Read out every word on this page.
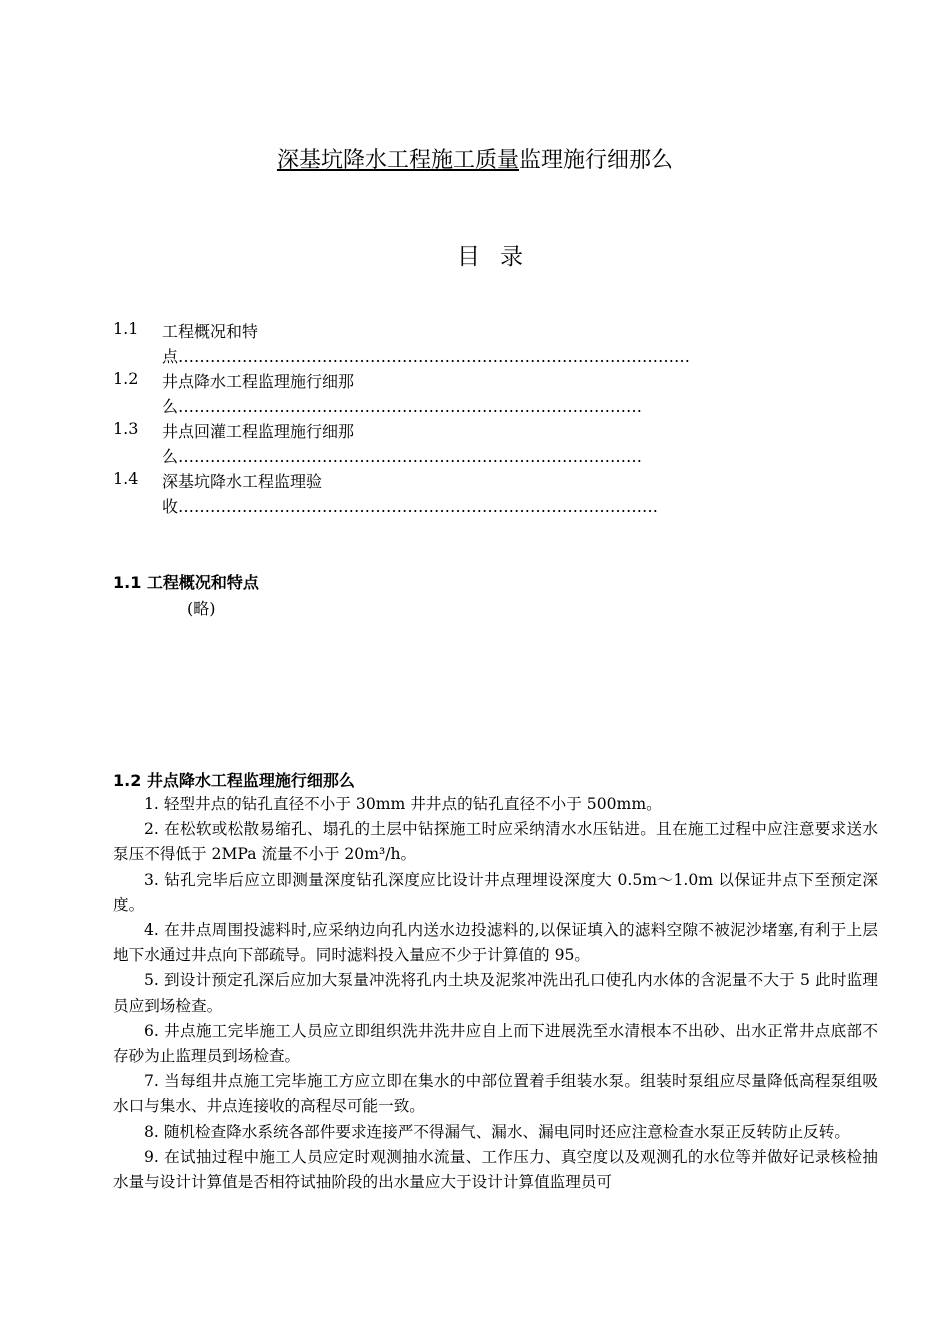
深基坑降水工程施工质量监理施行细那么
目录
1.1 工程概况和特
点……………………………………………………………………………………
1.2 井点降水工程监理施行细那
么……………………………………………………………………………
1.3 井点回灌工程监理施行细那
么……………………………………………………………………………
1.4 深基坑降水工程监理验
收………………………………………………………………………………
1.1 工程概况和特点
(略)
1.2 井点降水工程监理施行细那么

1. 轻型井点的钻孔直径不小于 30mm 井井点的钻孔直径不小于 500mm。

2. 在松软或松散易缩孔、塌孔的土层中钻探施工时应采纳清水水压钻进。且在施工过程中应注意要求送水泵压不得低于 2MPa 流量不小于 20m³/h。

3. 钻孔完毕后应立即测量深度钻孔深度应比设计井点理埋设深度大 0.5m～1.0m 以保证井点下至预定深度。

4. 在井点周围投滤料时,应采纳边向孔内送水边投滤料的,以保证填入的滤料空隙不被泥沙堵塞,有利于上层地下水通过井点向下部疏导。同时滤料投入量应不少于计算值的 95。

5. 到设计预定孔深后应加大泵量冲洗将孔内土块及泥浆冲洗出孔口使孔内水体的含泥量不大于 5 此时监理员应到场检查。

6. 井点施工完毕施工人员应立即组织洗井洗井应自上而下进展洗至水清根本不出砂、出水正常井点底部不存砂为止监理员到场检查。

7. 当每组井点施工完毕施工方应立即在集水的中部位置着手组装水泵。组装时泵组应尽量降低高程泵组吸水口与集水、井点连接收的高程尽可能一致。

8. 随机检查降水系统各部件要求连接严不得漏气、漏水、漏电同时还应注意检查水泵正反转防止反转。

9. 在试抽过程中施工人员应定时观测抽水流量、工作压力、真空度以及观测孔的水位等并做好记录核检抽水量与设计计算值是否相符试抽阶段的出水量应大于设计计算值监理员可
